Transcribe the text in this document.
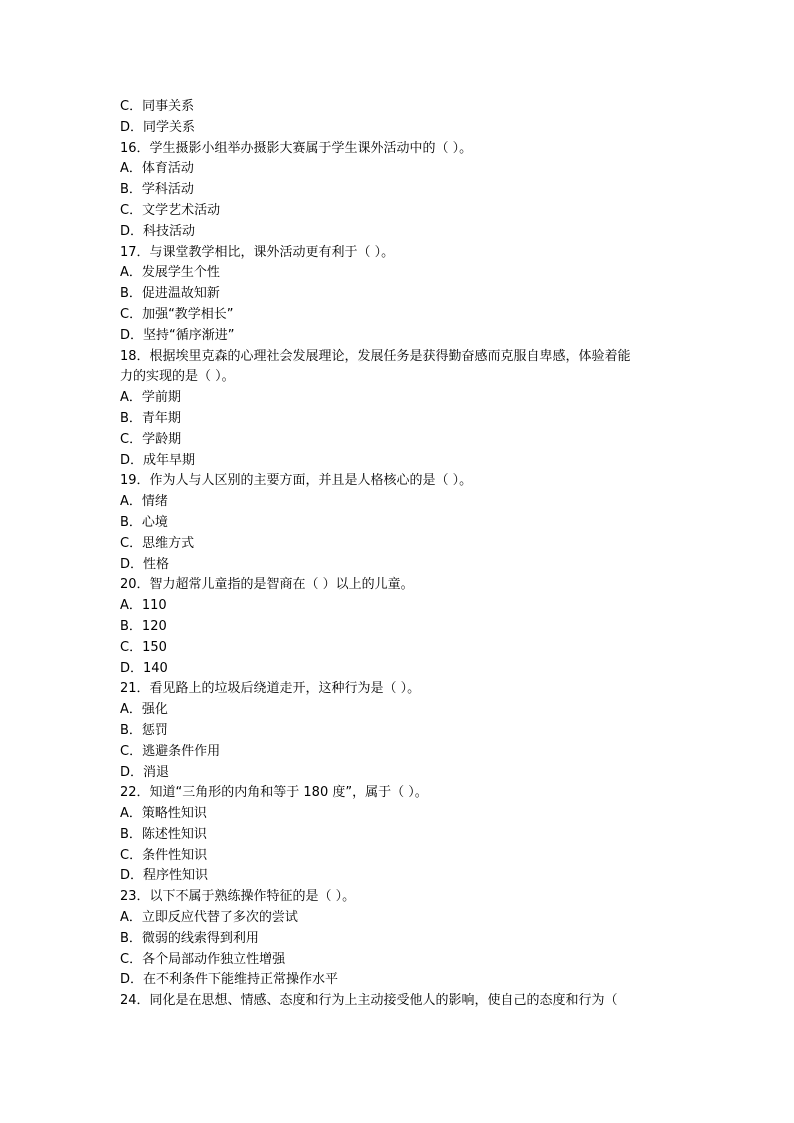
C．同事关系
D．同学关系
16．学生摄影小组举办摄影大赛属于学生课外活动中的（ ）。
A．体育活动
B．学科活动
C．文学艺术活动
D．科技活动
17．与课堂教学相比，课外活动更有利于（ ）。
A．发展学生个性
B．促进温故知新
C．加强“教学相长”
D．坚持“循序渐进”
18．根据埃里克森的心理社会发展理论，发展任务是获得勤奋感而克服自卑感，体验着能
力的实现的是（ ）。
A．学前期
B．青年期
C．学龄期
D．成年早期
19．作为人与人区别的主要方面，并且是人格核心的是（ ）。
A．情绪
B．心境
C．思维方式
D．性格
20．智力超常儿童指的是智商在（ ）以上的儿童。
A．110
B．120
C．150
D．140
21．看见路上的垃圾后绕道走开，这种行为是（ ）。
A．强化
B．惩罚
C．逃避条件作用
D．消退
22．知道“三角形的内角和等于 180 度”，属于（ ）。
A．策略性知识
B．陈述性知识
C．条件性知识
D．程序性知识
23．以下不属于熟练操作特征的是（ ）。
A．立即反应代替了多次的尝试
B．微弱的线索得到利用
C．各个局部动作独立性增强
D．在不利条件下能维持正常操作水平
24．同化是在思想、情感、态度和行为上主动接受他人的影响，使自己的态度和行为（
